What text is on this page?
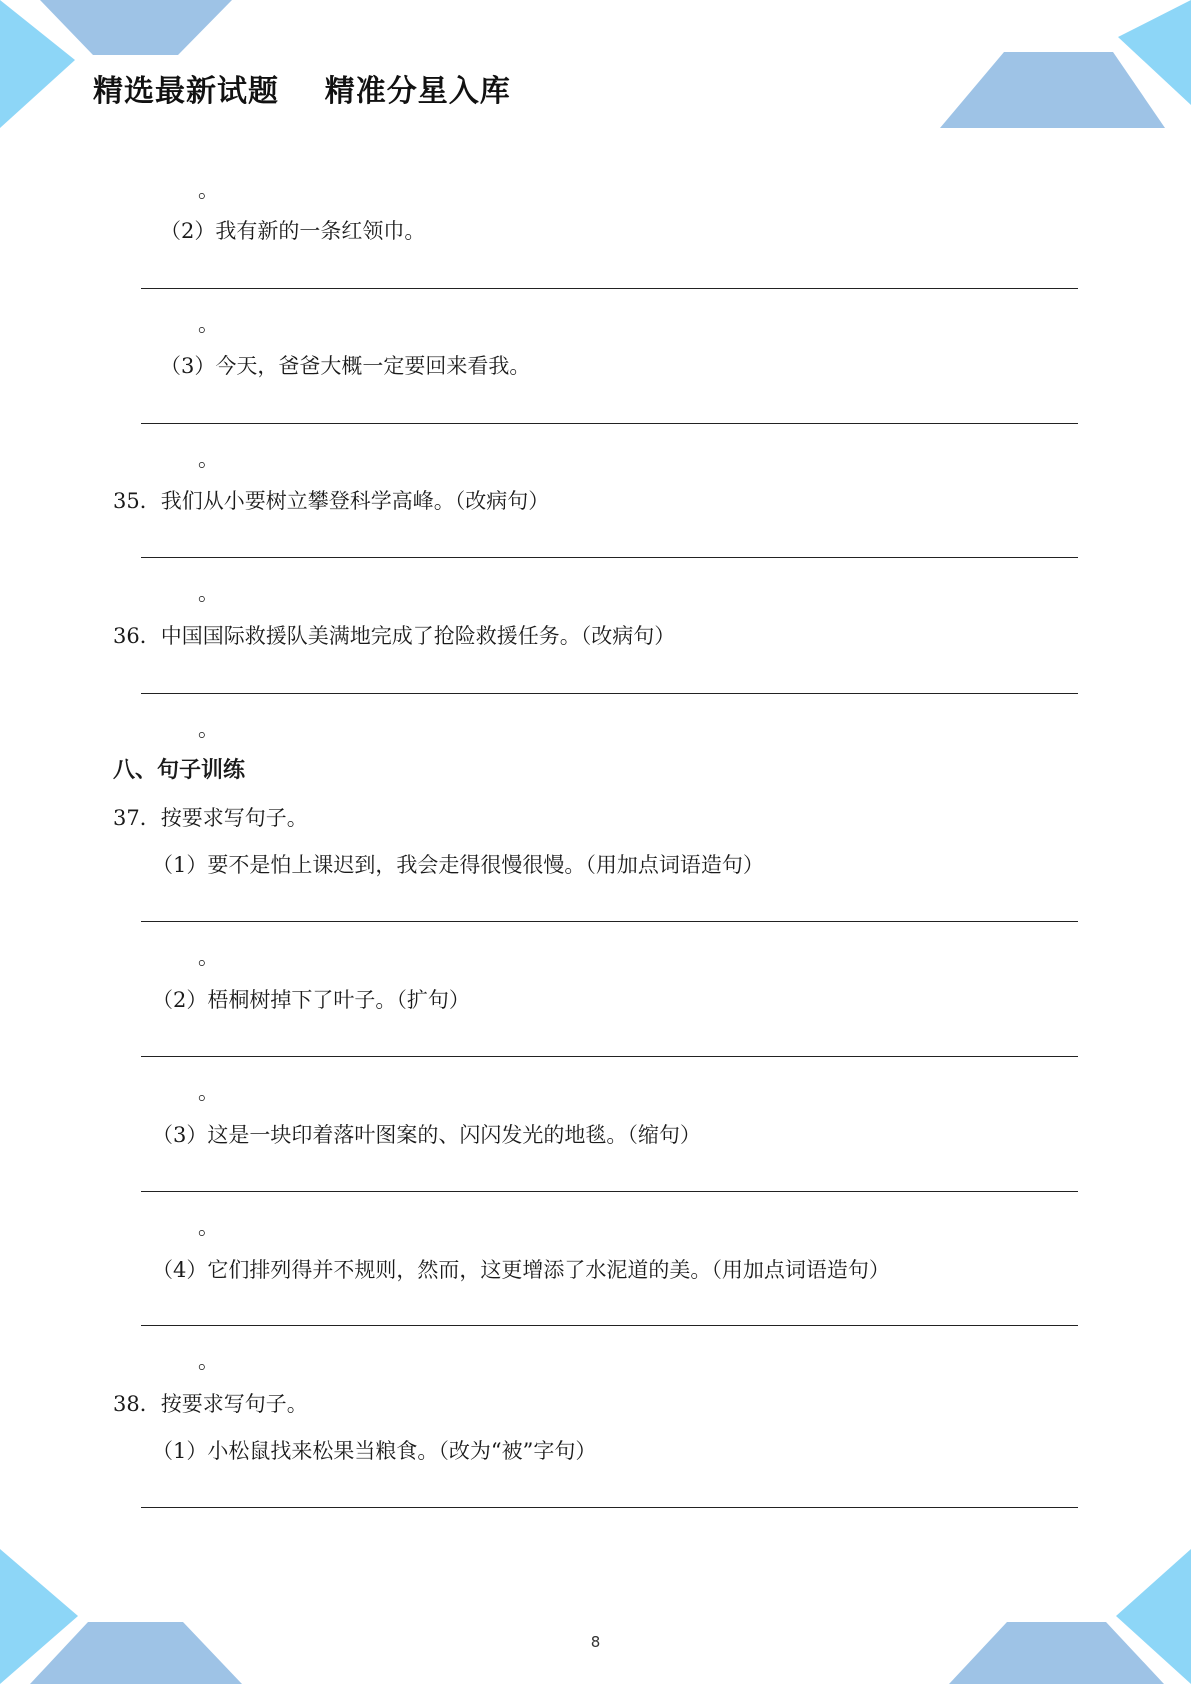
精选最新试题    精准分星入库
。
（2）我有新的一条红领巾。
。
（3）今天，爸爸大概一定要回来看我。
。
35．我们从小要树立攀登科学高峰。（改病句）
。
36．中国国际救援队美满地完成了抢险救援任务。（改病句）
。
八、句子训练
37．按要求写句子。
（1）要不是怕上课迟到，我会走得很慢很慢。（用加点词语造句）
。
（2）梧桐树掉下了叶子。（扩句）
。
（3）这是一块印着落叶图案的、闪闪发光的地毯。（缩句）
。
（4）它们排列得并不规则，然而，这更增添了水泥道的美。（用加点词语造句）
。
38．按要求写句子。
（1）小松鼠找来松果当粮食。（改为“被”字句）
8
